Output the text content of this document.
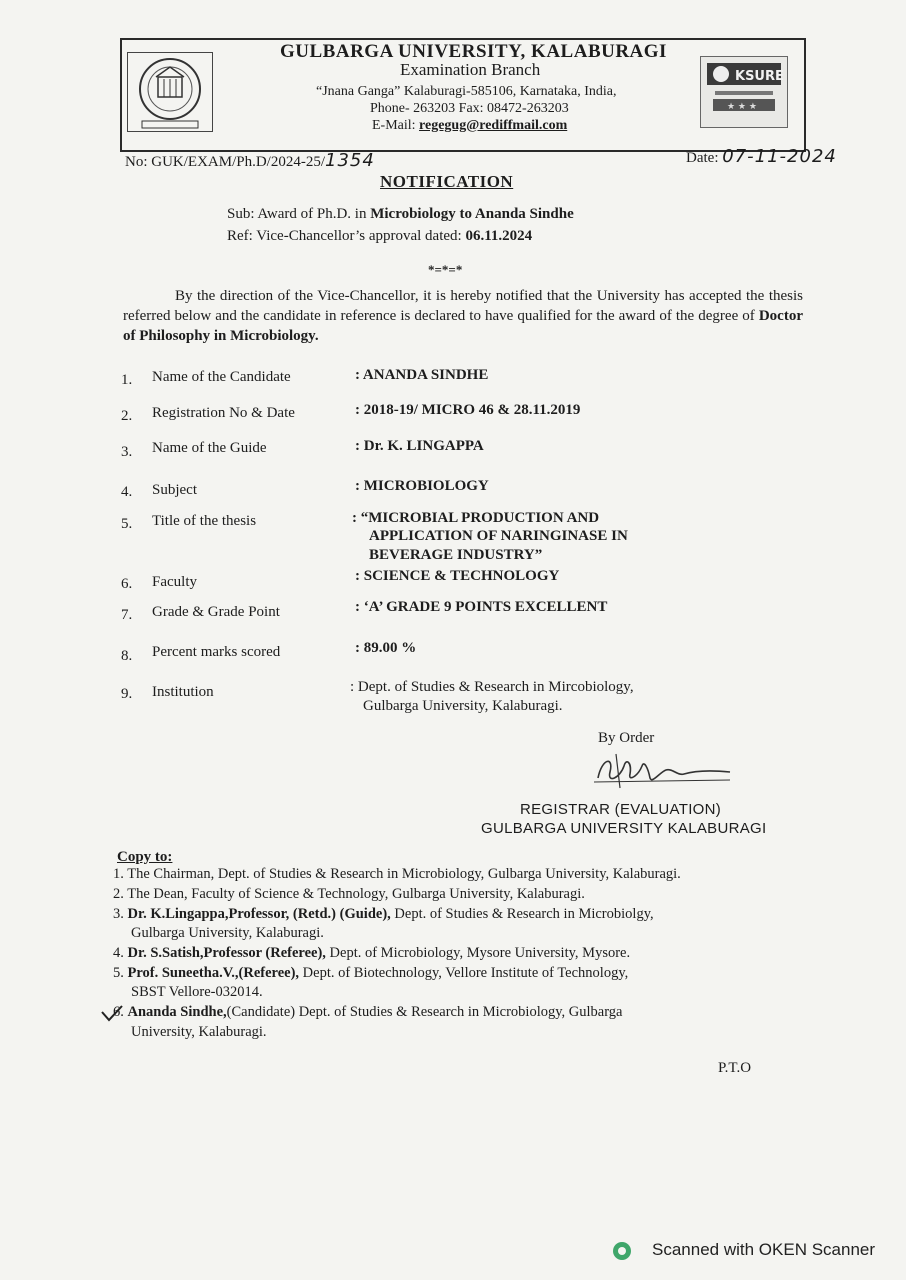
KSURE
★ ★ ★
GULBARGA UNIVERSITY, KALABURAGI
Examination Branch
“Jnana Ganga” Kalaburagi-585106, Karnataka, India,
Phone- 263203 Fax: 08472-263203
E-Mail: regegug@rediffmail.com
No: GUK/EXAM/Ph.D/2024-25/1354	Date: 07-11-2024
NOTIFICATION
Sub: Award of Ph.D. in Microbiology to Ananda Sindhe
Ref: Vice-Chancellor’s approval dated: 06.11.2024
*=*=*
By the direction of the Vice-Chancellor, it is hereby notified that the University has accepted the thesis referred below and the candidate in reference is declared to have qualified for the award of the degree of Doctor of Philosophy in Microbiology.
1. Name of the Candidate	: ANANDA SINDHE
2. Registration No & Date	: 2018-19/ MICRO 46 & 28.11.2019
3. Name of the Guide	: Dr. K. LINGAPPA
4. Subject	: MICROBIOLOGY
5. Title of the thesis	: “MICROBIAL PRODUCTION AND
APPLICATION OF NARINGINASE IN
BEVERAGE INDUSTRY”
6. Faculty	: SCIENCE & TECHNOLOGY
7. Grade & Grade Point	: ‘A’ GRADE 9 POINTS EXCELLENT
8. Percent marks scored	: 89.00 %
9. Institution	: Dept. of Studies & Research in Mircobiology,
Gulbarga University, Kalaburagi.
By Order
REGISTRAR (EVALUATION)
GULBARGA UNIVERSITY KALABURAGI
Copy to:
1. The Chairman, Dept. of Studies & Research in Microbiology, Gulbarga University, Kalaburagi.
2. The Dean, Faculty of Science & Technology, Gulbarga University, Kalaburagi.
3. Dr. K.Lingappa,Professor, (Retd.) (Guide), Dept. of Studies & Research in Microbiolgy,
Gulbarga University, Kalaburagi.
4. Dr. S.Satish,Professor (Referee), Dept. of Microbiology, Mysore University, Mysore.
5. Prof. Suneetha.V.,(Referee), Dept. of Biotechnology, Vellore Institute of Technology,
SBST Vellore-032014.
6. Ananda Sindhe,(Candidate) Dept. of Studies & Research in Microbiology, Gulbarga
University, Kalaburagi.
P.T.O
Scanned with OKEN Scanner
